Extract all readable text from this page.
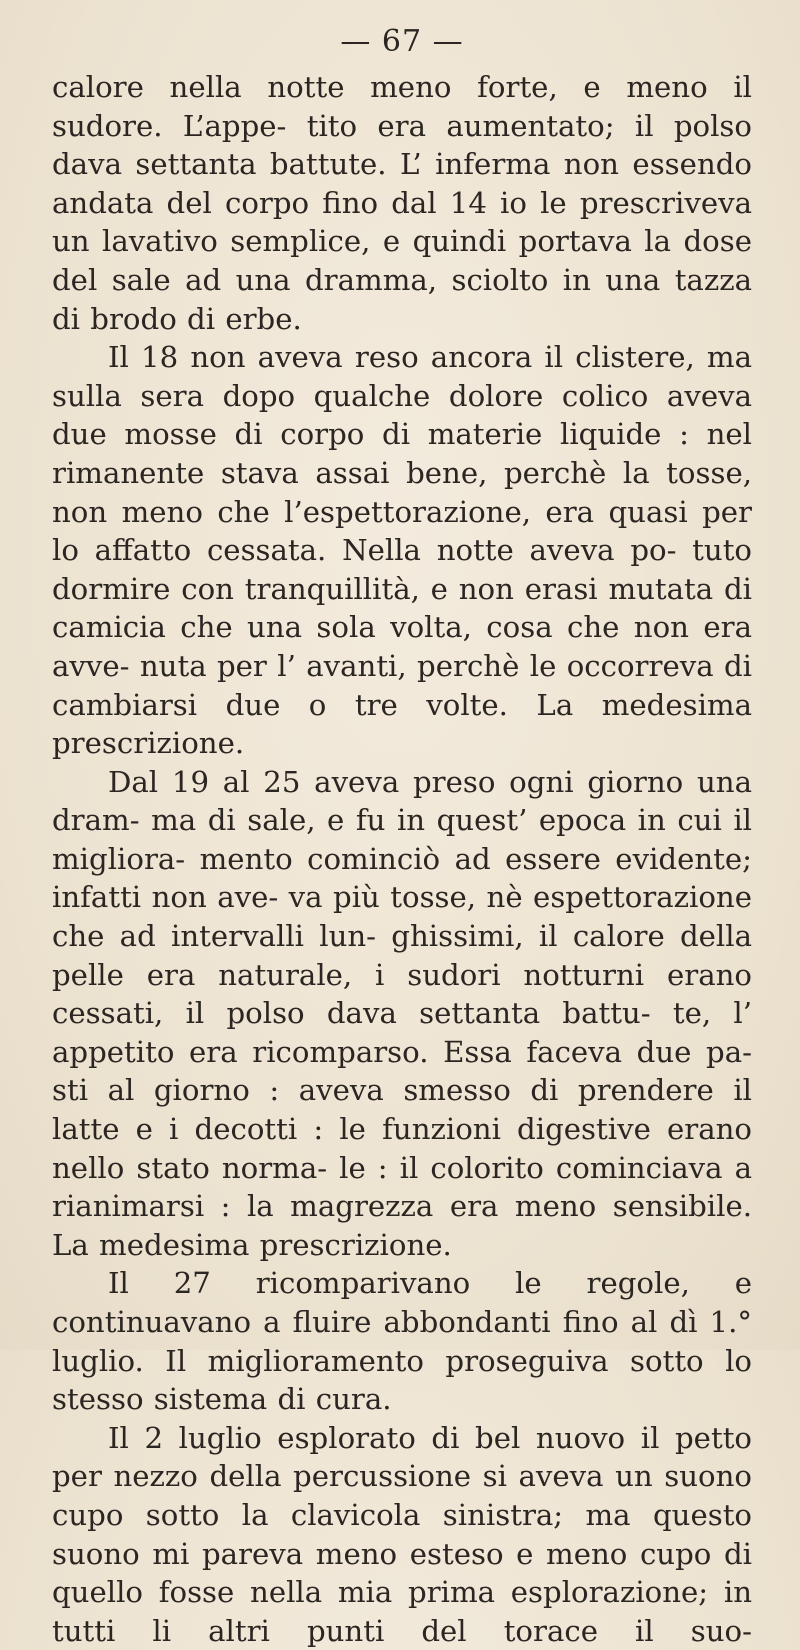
— 67 —

calore nella notte meno forte, e meno il sudore. L’appe- tito era aumentato; il polso dava settanta battute. L’ inferma non essendo andata del corpo fino dal 14 io le prescriveva un lavativo semplice, e quindi portava la dose del sale ad una dramma, sciolto in una tazza di brodo di erbe.

Il 18 non aveva reso ancora il clistere, ma sulla sera dopo qualche dolore colico aveva due mosse di corpo di materie liquide : nel rimanente stava assai bene, perchè la tosse, non meno che l’espettorazione, era quasi per lo affatto cessata. Nella notte aveva po- tuto dormire con tranquillità, e non erasi mutata di camicia che una sola volta, cosa che non era avve- nuta per l’ avanti, perchè le occorreva di cambiarsi due o tre volte. La medesima prescrizione.

Dal 19 al 25 aveva preso ogni giorno una dram- ma di sale, e fu in quest’ epoca in cui il migliora- mento cominciò ad essere evidente; infatti non ave- va più tosse, nè espettorazione che ad intervalli lun- ghissimi, il calore della pelle era naturale, i sudori notturni erano cessati, il polso dava settanta battu- te, l’ appetito era ricomparso. Essa faceva due pa- sti al giorno : aveva smesso di prendere il latte e i decotti : le funzioni digestive erano nello stato norma- le : il colorito cominciava a rianimarsi : la magrezza era meno sensibile. La medesima prescrizione.

Il 27 ricomparivano le regole, e continuavano a fluire abbondanti fino al dì 1.° luglio. Il miglioramento proseguiva sotto lo stesso sistema di cura.

Il 2 luglio esplorato di bel nuovo il petto per nezzo della percussione si aveva un suono cupo sotto la clavicola sinistra; ma questo suono mi pareva meno esteso e meno cupo di quello fosse nella mia prima esplorazione; in tutti li altri punti del torace il suo-
